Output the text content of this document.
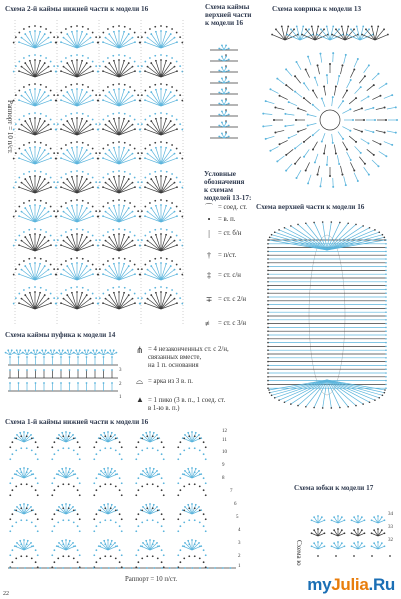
Схема 2-й каймы нижней части к модели 16	Схема каймы
верхней части
к модели 16
Схема коврика к модели 13
Схема верхней части к модели 16
Схема каймы пуфика к модели 14
Схема 1-й каймы нижней части к модели 16
Схема юбки к модели 17
Раппорт = 10 п/ст.
Раппорт = 10 п/ст.
Схема ю
Условные
обозначения
к схемам
моделей 13-17:
⌒ = соед. ст.
•	= в. п.
|	= ст. б/н
†	= п/ст.
‡	= ст. с/н
∓ = ст. с 2/н
≢ = ст. с 3/н
⋔ = 4 незаконченных ст. с 2/н,
связанных вместе,
на 1 п. основания
⌓ = арка из 3 в. п.
▲ = 1 пико (3 в. п., 1 соед. ст.
в 1-ю в. п.)
3
2
1
12
11
10
9
8
7
6
5
4
3
2
1
34
33
32
22	myJulia.Ru
